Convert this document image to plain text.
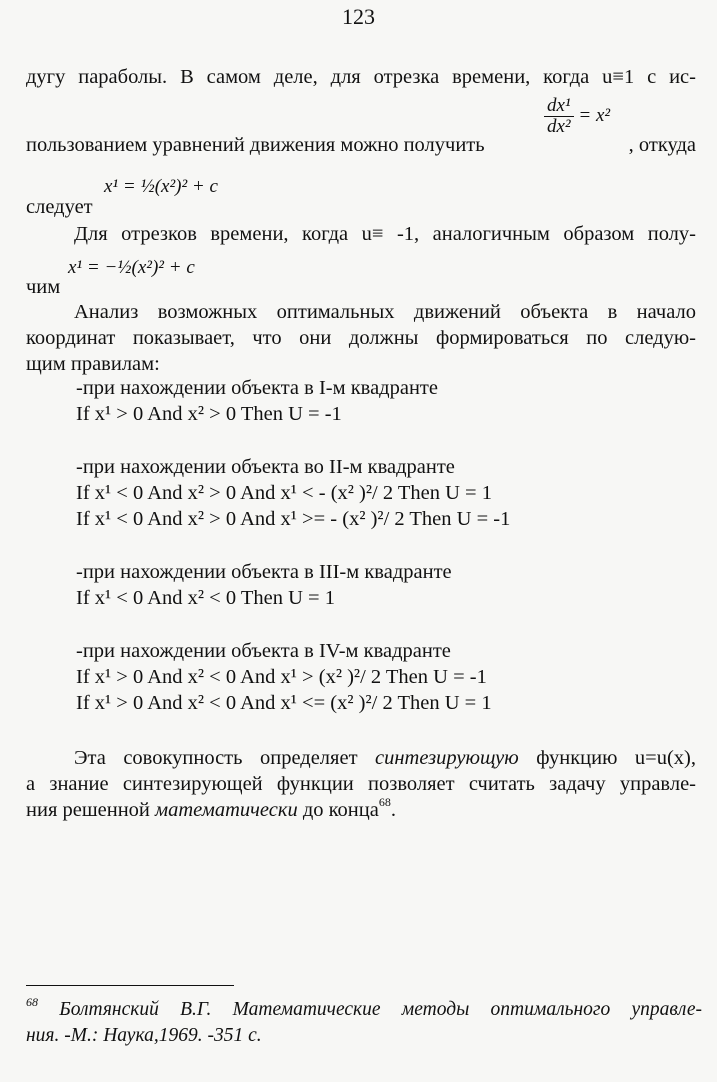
123
дугу параболы. В самом деле, для отрезка времени, когда u≡1 с ис-
$\frac{\text{dx¹}}{\text{dx²}} = x^2$
пользованием уравнений движения можно получить	, откуда
следует
x¹ = ½(x²)² + c
Для отрезков времени, когда u≡ -1, аналогичным образом полу-
чим
x¹ = −½(x²)² + c
Анализ возможных оптимальных движений объекта в начало
координат показывает, что они должны формироваться по следую-
щим правилам:
-при нахождении объекта в I-м квадранте
If x¹ > 0 And x² > 0 Then U = -1
-при нахождении объекта во II-м квадранте
If x¹ < 0 And x² > 0 And x¹ < - (x² )²/ 2 Then U = 1
If x¹ < 0 And x² > 0 And x¹ >= - (x² )²/ 2 Then U = -1
-при нахождении объекта в III-м квадранте
If x¹ < 0 And x² < 0 Then U = 1
-при нахождении объекта в IV-м квадранте
If x¹ > 0 And x² < 0 And x¹ > (x² )²/ 2 Then U = -1
If x¹ > 0 And x² < 0 And x¹ <= (x² )²/ 2 Then U = 1
Эта совокупность определяет синтезирующую функцию u=u(x),
а знание синтезирующей функции позволяет считать задачу управле-
ния решенной математически до конца$^{68}$.
$^{68}$ Болтянский В.Г. Математические методы оптимального управле-
ния. -М.: Наука,1969. -351 с.
